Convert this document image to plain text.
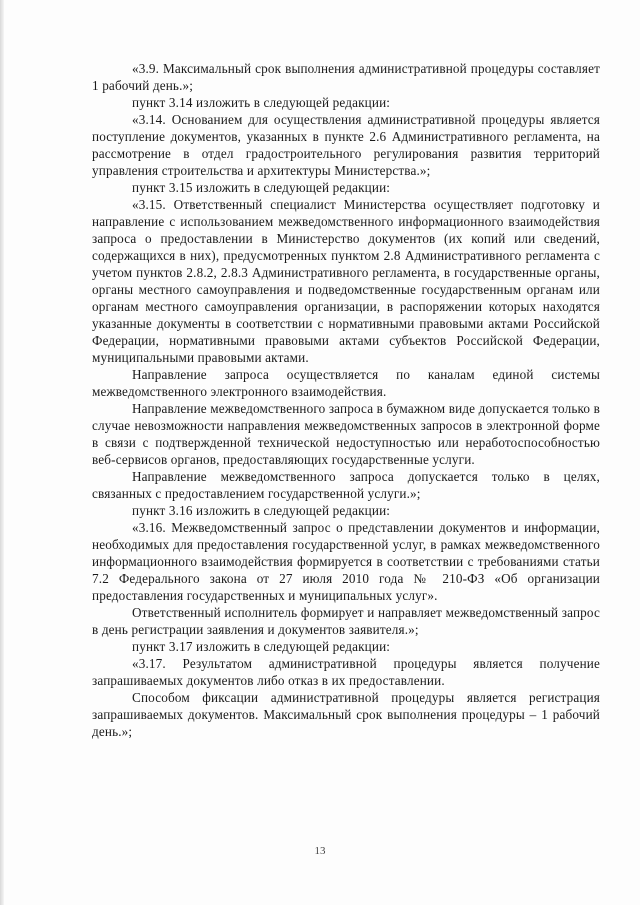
«3.9. Максимальный срок выполнения административной процедуры составляет 1 рабочий день.»;

пункт 3.14 изложить в следующей редакции:

«3.14. Основанием для осуществления административной процедуры является поступление документов, указанных в пункте 2.6 Административного регламента, на рассмотрение в отдел градостроительного регулирования развития территорий управления строительства и архитектуры Министерства.»;

пункт 3.15 изложить в следующей редакции:

«3.15. Ответственный специалист Министерства осуществляет подготовку и направление с использованием межведомственного информационного взаимодействия запроса о предоставлении в Министерство документов (их копий или сведений, содержащихся в них), предусмотренных пунктом 2.8 Административного регламента с учетом пунктов 2.8.2, 2.8.3 Административного регламента, в государственные органы, органы местного самоуправления и подведомственные государственным органам или органам местного самоуправления организации, в распоряжении которых находятся указанные документы в соответствии с нормативными правовыми актами Российской Федерации, нормативными правовыми актами субъектов Российской Федерации, муниципальными правовыми актами.

Направление запроса осуществляется по каналам единой системы межведомственного электронного взаимодействия.

Направление межведомственного запроса в бумажном виде допускается только в случае невозможности направления межведомственных запросов в электронной форме в связи с подтвержденной технической недоступностью или неработоспособностью веб-сервисов органов, предоставляющих государственные услуги.

Направление межведомственного запроса допускается только в целях, связанных с предоставлением государственной услуги.»;

пункт 3.16 изложить в следующей редакции:

«3.16. Межведомственный запрос о представлении документов и информации, необходимых для предоставления государственной услуг, в рамках межведомственного информационного взаимодействия формируется в соответствии с требованиями статьи 7.2 Федерального закона от 27 июля 2010 года № 210-ФЗ «Об организации предоставления государственных и муниципальных услуг».

Ответственный исполнитель формирует и направляет межведомственный запрос в день регистрации заявления и документов заявителя.»;

пункт 3.17 изложить в следующей редакции:

«3.17. Результатом административной процедуры является получение запрашиваемых документов либо отказ в их предоставлении.

Способом фиксации административной процедуры является регистрация запрашиваемых документов. Максимальный срок выполнения процедуры – 1 рабочий день.»;

13
